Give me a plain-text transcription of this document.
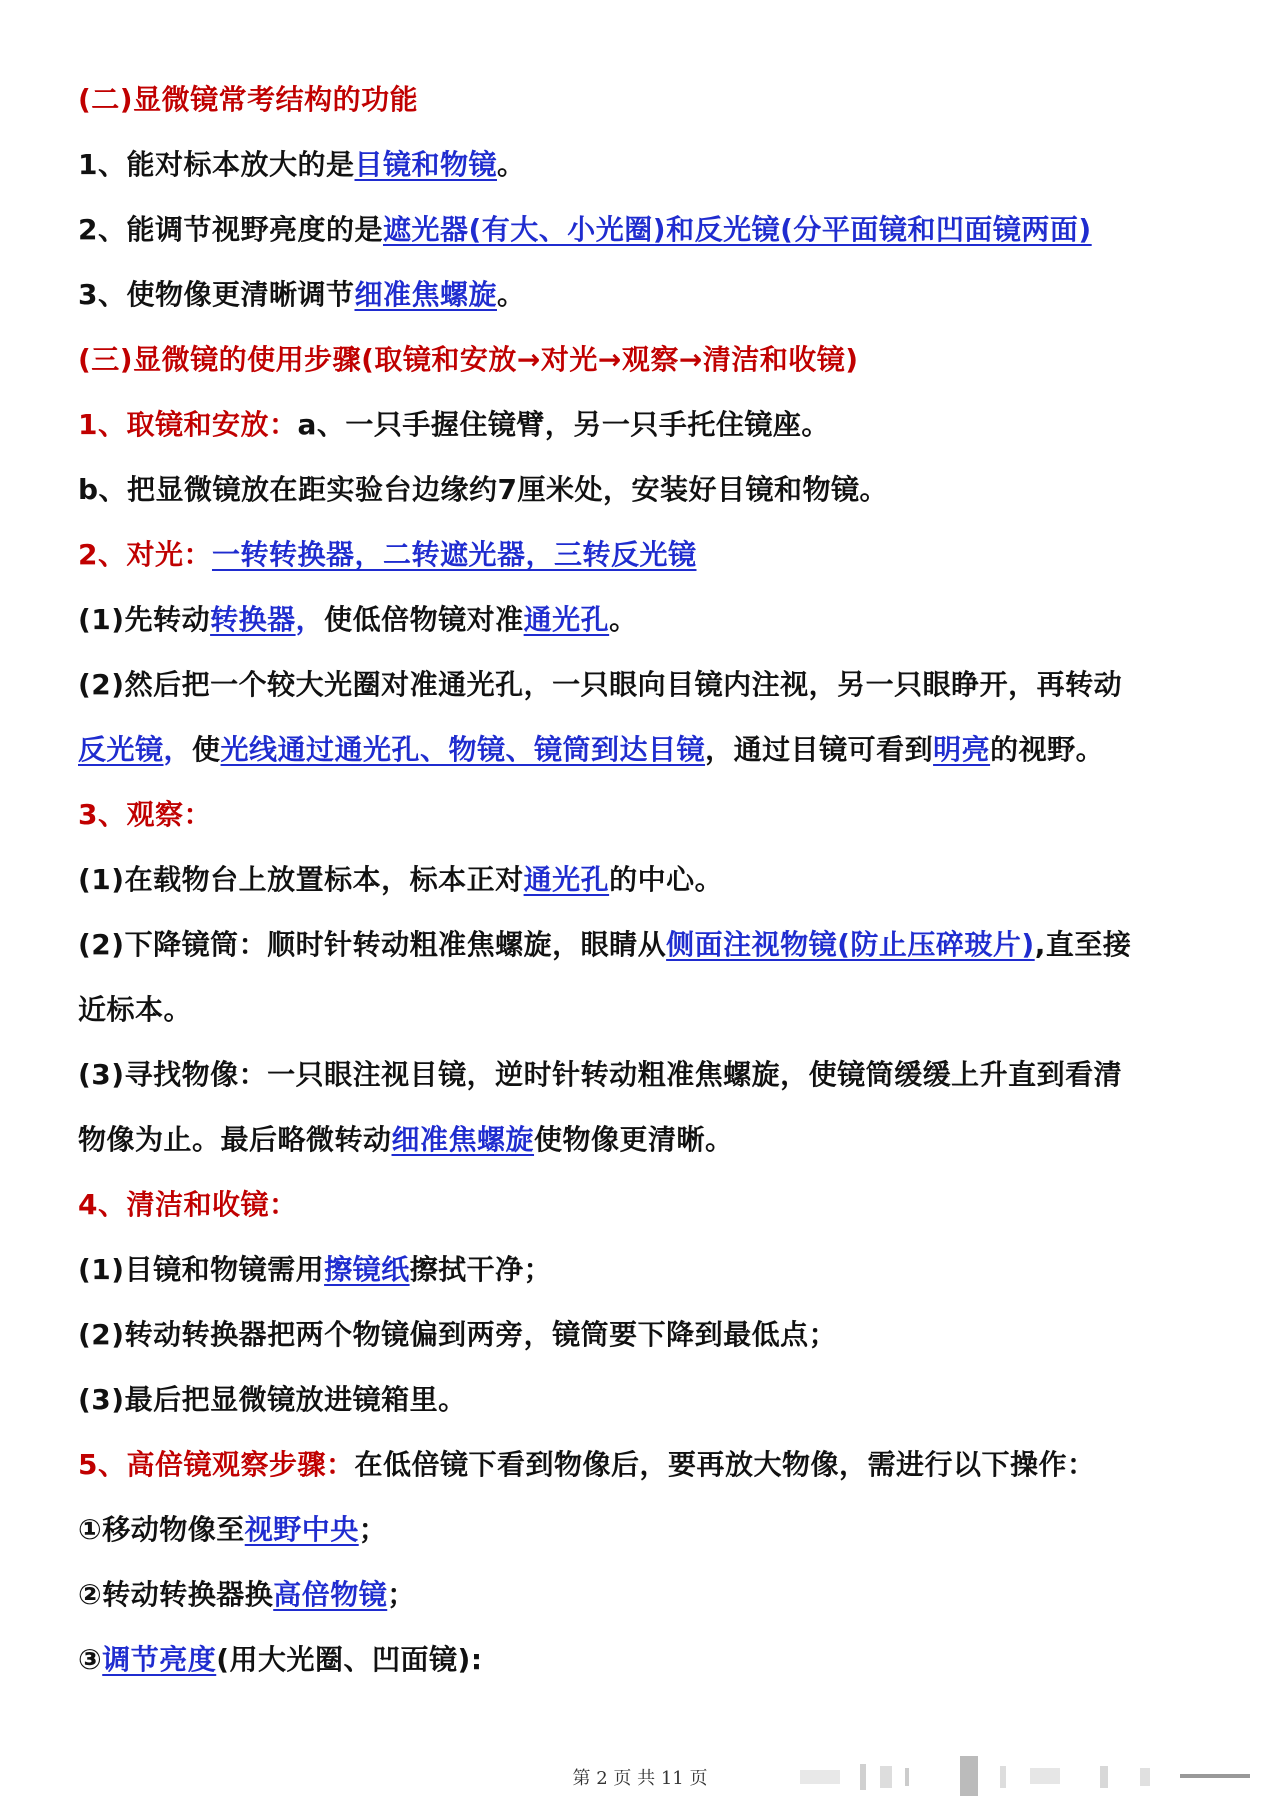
(二)显微镜常考结构的功能
1、能对标本放大的是目镜和物镜。
2、能调节视野亮度的是遮光器(有大、小光圈)和反光镜(分平面镜和凹面镜两面)
3、使物像更清晰调节细准焦螺旋。
(三)显微镜的使用步骤(取镜和安放→对光→观察→清洁和收镜)
1、取镜和安放：a、一只手握住镜臂，另一只手托住镜座。
b、把显微镜放在距实验台边缘约7厘米处，安装好目镜和物镜。
2、对光：一转转换器，二转遮光器，三转反光镜
(1)先转动转换器，使低倍物镜对准通光孔。
(2)然后把一个较大光圈对准通光孔，一只眼向目镜内注视，另一只眼睁开，再转动
反光镜，使光线通过通光孔、物镜、镜筒到达目镜，通过目镜可看到明亮的视野。
3、观察：
(1)在载物台上放置标本，标本正对通光孔的中心。
(2)下降镜筒：顺时针转动粗准焦螺旋，眼睛从侧面注视物镜(防止压碎玻片),直至接
近标本。
(3)寻找物像：一只眼注视目镜，逆时针转动粗准焦螺旋，使镜筒缓缓上升直到看清
物像为止。最后略微转动细准焦螺旋使物像更清晰。
4、清洁和收镜：
(1)目镜和物镜需用擦镜纸擦拭干净；
(2)转动转换器把两个物镜偏到两旁，镜筒要下降到最低点；
(3)最后把显微镜放进镜箱里。
5、高倍镜观察步骤：在低倍镜下看到物像后，要再放大物像，需进行以下操作：
①移动物像至视野中央；
②转动转换器换高倍物镜；
③调节亮度(用大光圈、凹面镜):
第 2 页 共 11 页
